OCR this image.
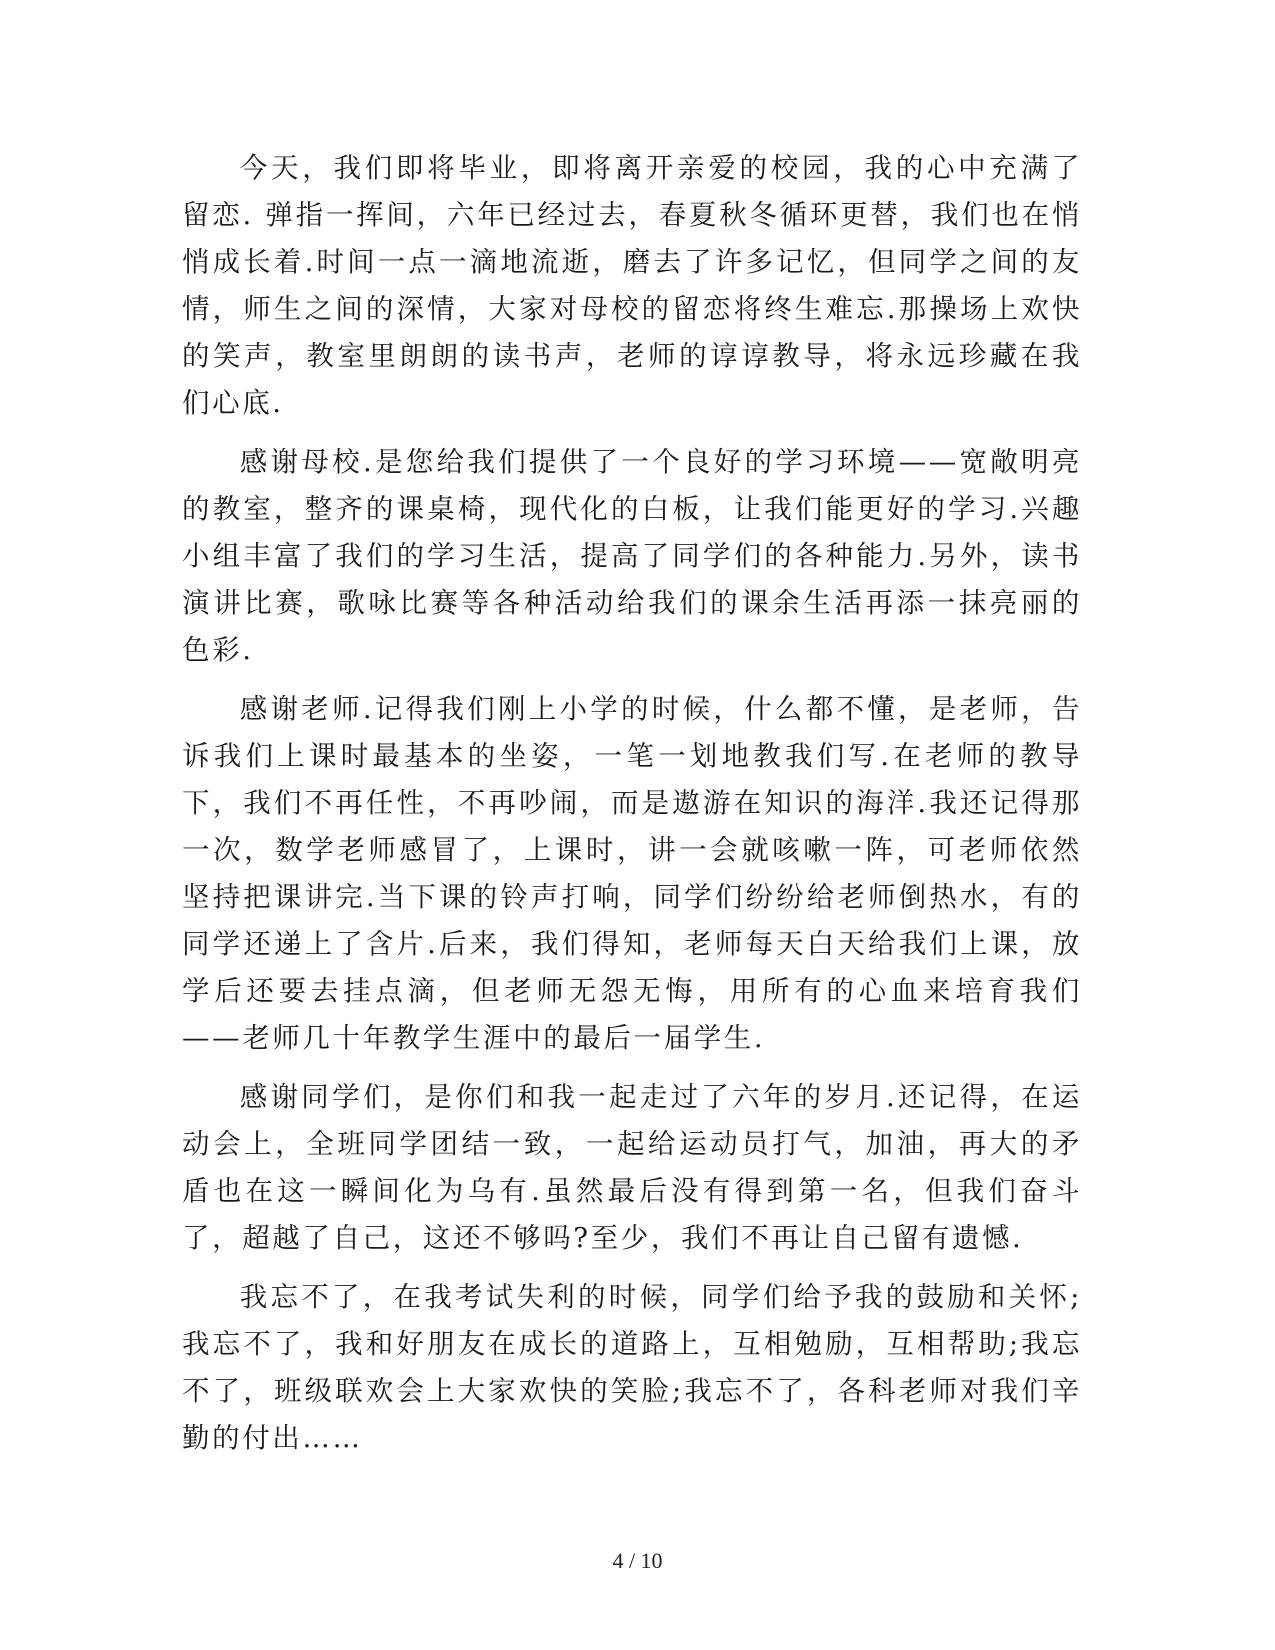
今天，我们即将毕业，即将离开亲爱的校园，我的心中充满了留恋. 弹指一挥间，六年已经过去，春夏秋冬循环更替，我们也在悄悄成长着.时间一点一滴地流逝，磨去了许多记忆，但同学之间的友情，师生之间的深情，大家对母校的留恋将终生难忘.那操场上欢快的笑声，教室里朗朗的读书声，老师的谆谆教导，将永远珍藏在我们心底.

感谢母校.是您给我们提供了一个良好的学习环境——宽敞明亮的教室，整齐的课桌椅，现代化的白板，让我们能更好的学习.兴趣小组丰富了我们的学习生活，提高了同学们的各种能力.另外，读书演讲比赛，歌咏比赛等各种活动给我们的课余生活再添一抹亮丽的色彩.

感谢老师.记得我们刚上小学的时候，什么都不懂，是老师，告诉我们上课时最基本的坐姿，一笔一划地教我们写.在老师的教导下，我们不再任性，不再吵闹，而是遨游在知识的海洋.我还记得那一次，数学老师感冒了，上课时，讲一会就咳嗽一阵，可老师依然坚持把课讲完.当下课的铃声打响，同学们纷纷给老师倒热水，有的同学还递上了含片.后来，我们得知，老师每天白天给我们上课，放学后还要去挂点滴，但老师无怨无悔，用所有的心血来培育我们——老师几十年教学生涯中的最后一届学生.

感谢同学们，是你们和我一起走过了六年的岁月.还记得，在运动会上，全班同学团结一致，一起给运动员打气，加油，再大的矛盾也在这一瞬间化为乌有.虽然最后没有得到第一名，但我们奋斗了，超越了自己，这还不够吗?至少，我们不再让自己留有遗憾.

我忘不了，在我考试失利的时候，同学们给予我的鼓励和关怀;我忘不了，我和好朋友在成长的道路上，互相勉励，互相帮助;我忘不了，班级联欢会上大家欢快的笑脸;我忘不了，各科老师对我们辛勤的付出……

4 / 10
